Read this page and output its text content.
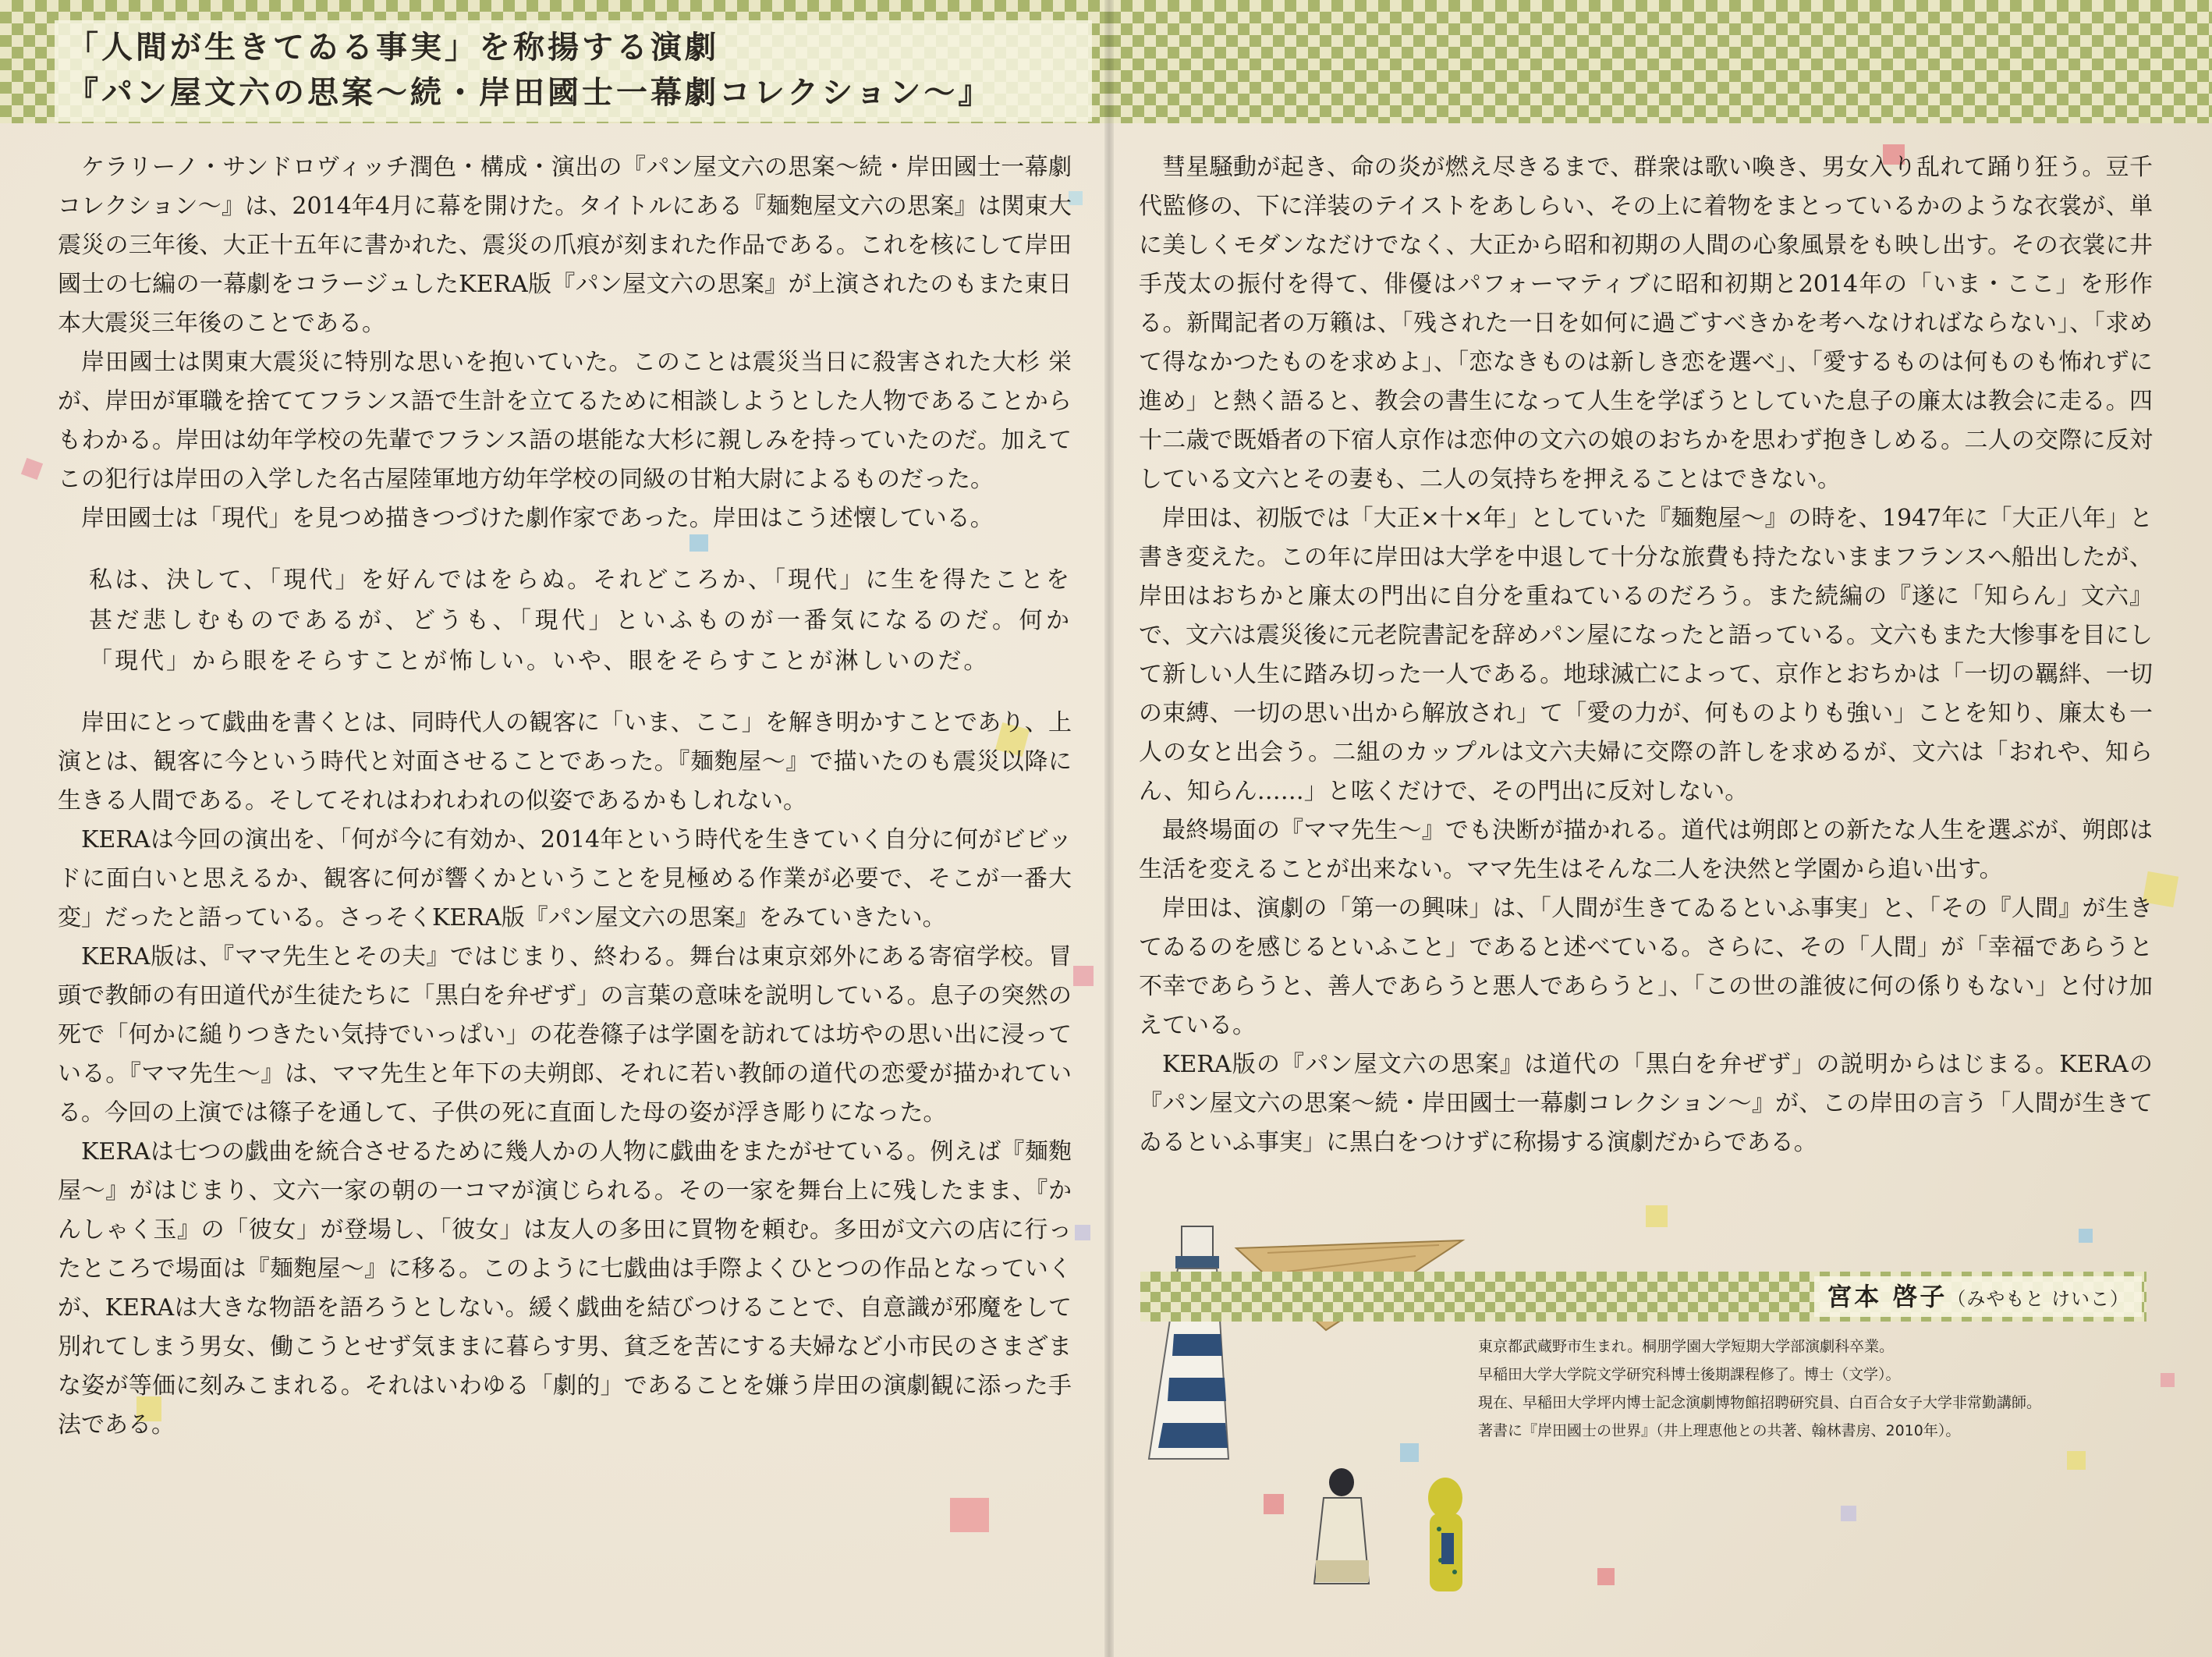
「人間が生きてゐる事実」を称揚する演劇
『パン屋文六の思案〜続・岸田國士一幕劇コレクション〜』

ケラリーノ・サンドロヴィッチ潤色・構成・演出の『パン屋文六の思案〜続・岸田國士一幕劇コレクション〜』は、2014年4月に幕を開けた。タイトルにある『麺麭屋文六の思案』は関東大震災の三年後、大正十五年に書かれた、震災の爪痕が刻まれた作品である。これを核にして岸田國士の七編の一幕劇をコラージュしたKERA版『パン屋文六の思案』が上演されたのもまた東日本大震災三年後のことである。

岸田國士は関東大震災に特別な思いを抱いていた。このことは震災当日に殺害された大杉 栄が、岸田が軍職を捨ててフランス語で生計を立てるために相談しようとした人物であることからもわかる。岸田は幼年学校の先輩でフランス語の堪能な大杉に親しみを持っていたのだ。加えてこの犯行は岸田の入学した名古屋陸軍地方幼年学校の同級の甘粕大尉によるものだった。

岸田國士は「現代」を見つめ描きつづけた劇作家であった。岸田はこう述懐している。

私は、決して、「現代」を好んではをらぬ。それどころか、「現代」に生を得たことを甚だ悲しむものであるが、どうも、「現代」といふものが一番気になるのだ。何か「現代」から眼をそらすことが怖しい。いや、眼をそらすことが淋しいのだ。

岸田にとって戯曲を書くとは、同時代人の観客に「いま、ここ」を解き明かすことであり、上演とは、観客に今という時代と対面させることであった。『麺麭屋〜』で描いたのも震災以降に生きる人間である。そしてそれはわれわれの似姿であるかもしれない。

KERAは今回の演出を、「何が今に有効か、2014年という時代を生きていく自分に何がビビッドに面白いと思えるか、観客に何が響くかということを見極める作業が必要で、そこが一番大変」だったと語っている。さっそくKERA版『パン屋文六の思案』をみていきたい。

KERA版は、『ママ先生とその夫』ではじまり、終わる。舞台は東京郊外にある寄宿学校。冒頭で教師の有田道代が生徒たちに「黒白を弁ぜず」の言葉の意味を説明している。息子の突然の死で「何かに縋りつきたい気持でいっぱい」の花巻篠子は学園を訪れては坊やの思い出に浸っている。『ママ先生〜』は、ママ先生と年下の夫朔郎、それに若い教師の道代の恋愛が描かれている。今回の上演では篠子を通して、子供の死に直面した母の姿が浮き彫りになった。

KERAは七つの戯曲を統合させるために幾人かの人物に戯曲をまたがせている。例えば『麺麭屋〜』がはじまり、文六一家の朝の一コマが演じられる。その一家を舞台上に残したまま、『かんしゃく玉』の「彼女」が登場し、「彼女」は友人の多田に買物を頼む。多田が文六の店に行ったところで場面は『麺麭屋〜』に移る。このように七戯曲は手際よくひとつの作品となっていくが、KERAは大きな物語を語ろうとしない。緩く戯曲を結びつけることで、自意識が邪魔をして別れてしまう男女、働こうとせず気ままに暮らす男、貧乏を苦にする夫婦など小市民のさまざまな姿が等価に刻みこまれる。それはいわゆる「劇的」であることを嫌う岸田の演劇観に添った手法である。

彗星騒動が起き、命の炎が燃え尽きるまで、群衆は歌い喚き、男女入り乱れて踊り狂う。豆千代監修の、下に洋装のテイストをあしらい、その上に着物をまとっているかのような衣裳が、単に美しくモダンなだけでなく、大正から昭和初期の人間の心象風景をも映し出す。その衣裳に井手茂太の振付を得て、俳優はパフォーマティブに昭和初期と2014年の「いま・ここ」を形作る。新聞記者の万籟は、「残された一日を如何に過ごすべきかを考へなければならない」、「求めて得なかつたものを求めよ」、「恋なきものは新しき恋を選べ」、「愛するものは何ものも怖れずに進め」と熱く語ると、教会の書生になって人生を学ぼうとしていた息子の廉太は教会に走る。四十二歳で既婚者の下宿人京作は恋仲の文六の娘のおちかを思わず抱きしめる。二人の交際に反対している文六とその妻も、二人の気持ちを押えることはできない。

岸田は、初版では「大正×十×年」としていた『麺麭屋〜』の時を、1947年に「大正八年」と書き変えた。この年に岸田は大学を中退して十分な旅費も持たないままフランスへ船出したが、岸田はおちかと廉太の門出に自分を重ねているのだろう。また続編の『遂に「知らん」文六』で、文六は震災後に元老院書記を辞めパン屋になったと語っている。文六もまた大惨事を目にして新しい人生に踏み切った一人である。地球滅亡によって、京作とおちかは「一切の羈絆、一切の束縛、一切の思い出から解放され」て「愛の力が、何ものよりも強い」ことを知り、廉太も一人の女と出会う。二組のカップルは文六夫婦に交際の許しを求めるが、文六は「おれや、知らん、知らん……」と呟くだけで、その門出に反対しない。

最終場面の『ママ先生〜』でも決断が描かれる。道代は朔郎との新たな人生を選ぶが、朔郎は生活を変えることが出来ない。ママ先生はそんな二人を決然と学園から追い出す。

岸田は、演劇の「第一の興味」は、「人間が生きてゐるといふ事実」と、「その『人間』が生きてゐるのを感じるといふこと」であると述べている。さらに、その「人間」が「幸福であらうと不幸であらうと、善人であらうと悪人であらうと」、「この世の誰彼に何の係りもない」と付け加えている。

KERA版の『パン屋文六の思案』は道代の「黒白を弁ぜず」の説明からはじまる。KERAの『パン屋文六の思案〜続・岸田國士一幕劇コレクション〜』が、この岸田の言う「人間が生きてゐるといふ事実」に黒白をつけずに称揚する演劇だからである。

宮本 啓子（みやもと けいこ）
東京都武蔵野市生まれ。桐朋学園大学短期大学部演劇科卒業。
早稲田大学大学院文学研究科博士後期課程修了。博士（文学）。
現在、早稲田大学坪内博士記念演劇博物館招聘研究員、白百合女子大学非常勤講師。
著書に『岸田國士の世界』（井上理恵他との共著、翰林書房、2010年）。
